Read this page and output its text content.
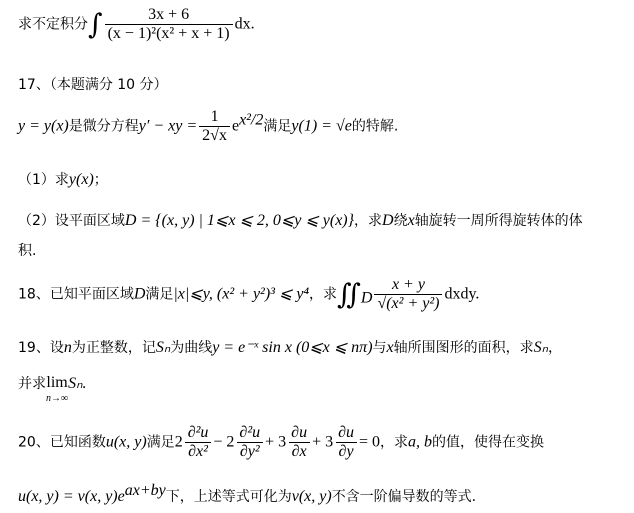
求不定积分∫ $\frac{3x + 6}{\text{(x − 1)²(x² + x + 1)}}$ dx.
17、（本题满分 10 分）
y = y(x)是微分方程y′ − xy = $\frac{1}{2√x} e^{x^2/2}$满足y(1) = √e的特解.
（1）求y(x)；
（2）设平面区域D = {(x, y) | 1⩽x ⩽ 2, 0⩽y ⩽ y(x)}，求D绕x轴旋转一周所得旋转体的体
积.
18、已知平面区域D满足|x|⩽y, (x² + y²)³ ⩽ y⁴，求$∬_D \frac{x + y}{\text{√(x² + y²)}}$ dxdy.
19、设n为正整数，记Sₙ为曲线y = e⁻ˣ sin x (0⩽x ⩽ nπ)与x轴所围图形的面积，求Sₙ，
并求 lim
n→∞
Sₙ.
20、已知函数u(x, y)满足$2 \frac{\text{∂²u}}{\text{∂x²}} - 2 \frac{\text{∂²u}}{\text{∂y²}} + 3 \frac{\partial u}{\partial x} + 3 \frac{\partial u}{\partial y} = 0$，求a, b的值，使得在变换
u(x, y) = v(x, $y)e^{ax+by}$下，上述等式可化为v(x, y)不含一阶偏导数的等式.
